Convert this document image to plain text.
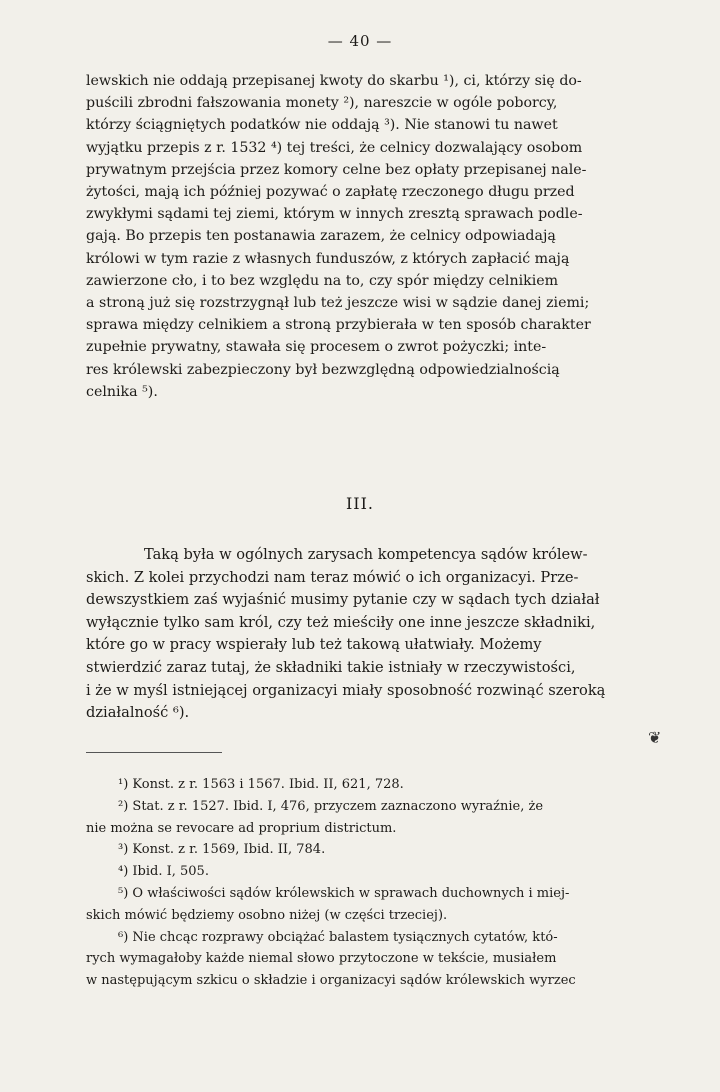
— 40 —
lewskich nie oddają przepisanej kwoty do skarbu ¹), ci, którzy się do-
puścili zbrodni fałszowania monety ²), nareszcie w ogóle poborcy,
którzy ściągniętych podatków nie oddają ³). Nie stanowi tu nawet
wyjątku przepis z r. 1532 ⁴) tej treści, że celnicy dozwalający osobom
prywatnym przejścia przez komory celne bez opłaty przepisanej nale-
żytości, mają ich później pozywać o zapłatę rzeczonego długu przed
zwykłymi sądami tej ziemi, którym w innych zresztą sprawach podle-
gają. Bo przepis ten postanawia zarazem, że celnicy odpowiadają
królowi w tym razie z własnych funduszów, z których zapłacić mają
zawierzone cło, i to bez względu na to, czy spór między celnikiem
a stroną już się rozstrzygnął lub też jeszcze wisi w sądzie danej ziemi;
sprawa między celnikiem a stroną przybierała w ten sposób charakter
zupełnie prywatny, stawała się procesem o zwrot pożyczki; inte-
res królewski zabezpieczony był bezwzględną odpowiedzialnością
celnika ⁵).
III.
Taką była w ogólnych zarysach kompetencya sądów królew-
skich. Z kolei przychodzi nam teraz mówić o ich organizacyi. Prze-
dewszystkiem zaś wyjaśnić musimy pytanie czy w sądach tych działał
wyłącznie tylko sam król, czy też mieściły one inne jeszcze składniki,
które go w pracy wspierały lub też takową ułatwiały. Możemy
stwierdzić zaraz tutaj, że składniki takie istniały w rzeczywistości,
i że w myśl istniejącej organizacyi miały sposobność rozwinąć szeroką
działalność ⁶).
❦
¹) Konst. z r. 1563 i 1567. Ibid. II, 621, 728.
²) Stat. z r. 1527. Ibid. I, 476, przyczem zaznaczono wyraźnie, że
nie można se revocare ad proprium districtum.
³) Konst. z r. 1569, Ibid. II, 784.
⁴) Ibid. I, 505.
⁵) O właściwości sądów królewskich w sprawach duchownych i miej-
skich mówić będziemy osobno niżej (w części trzeciej).
⁶) Nie chcąc rozprawy obciążać balastem tysiącznych cytatów, któ-
rych wymagałoby każde niemal słowo przytoczone w tekście, musiałem
w następującym szkicu o składzie i organizacyi sądów królewskich wyrzec
